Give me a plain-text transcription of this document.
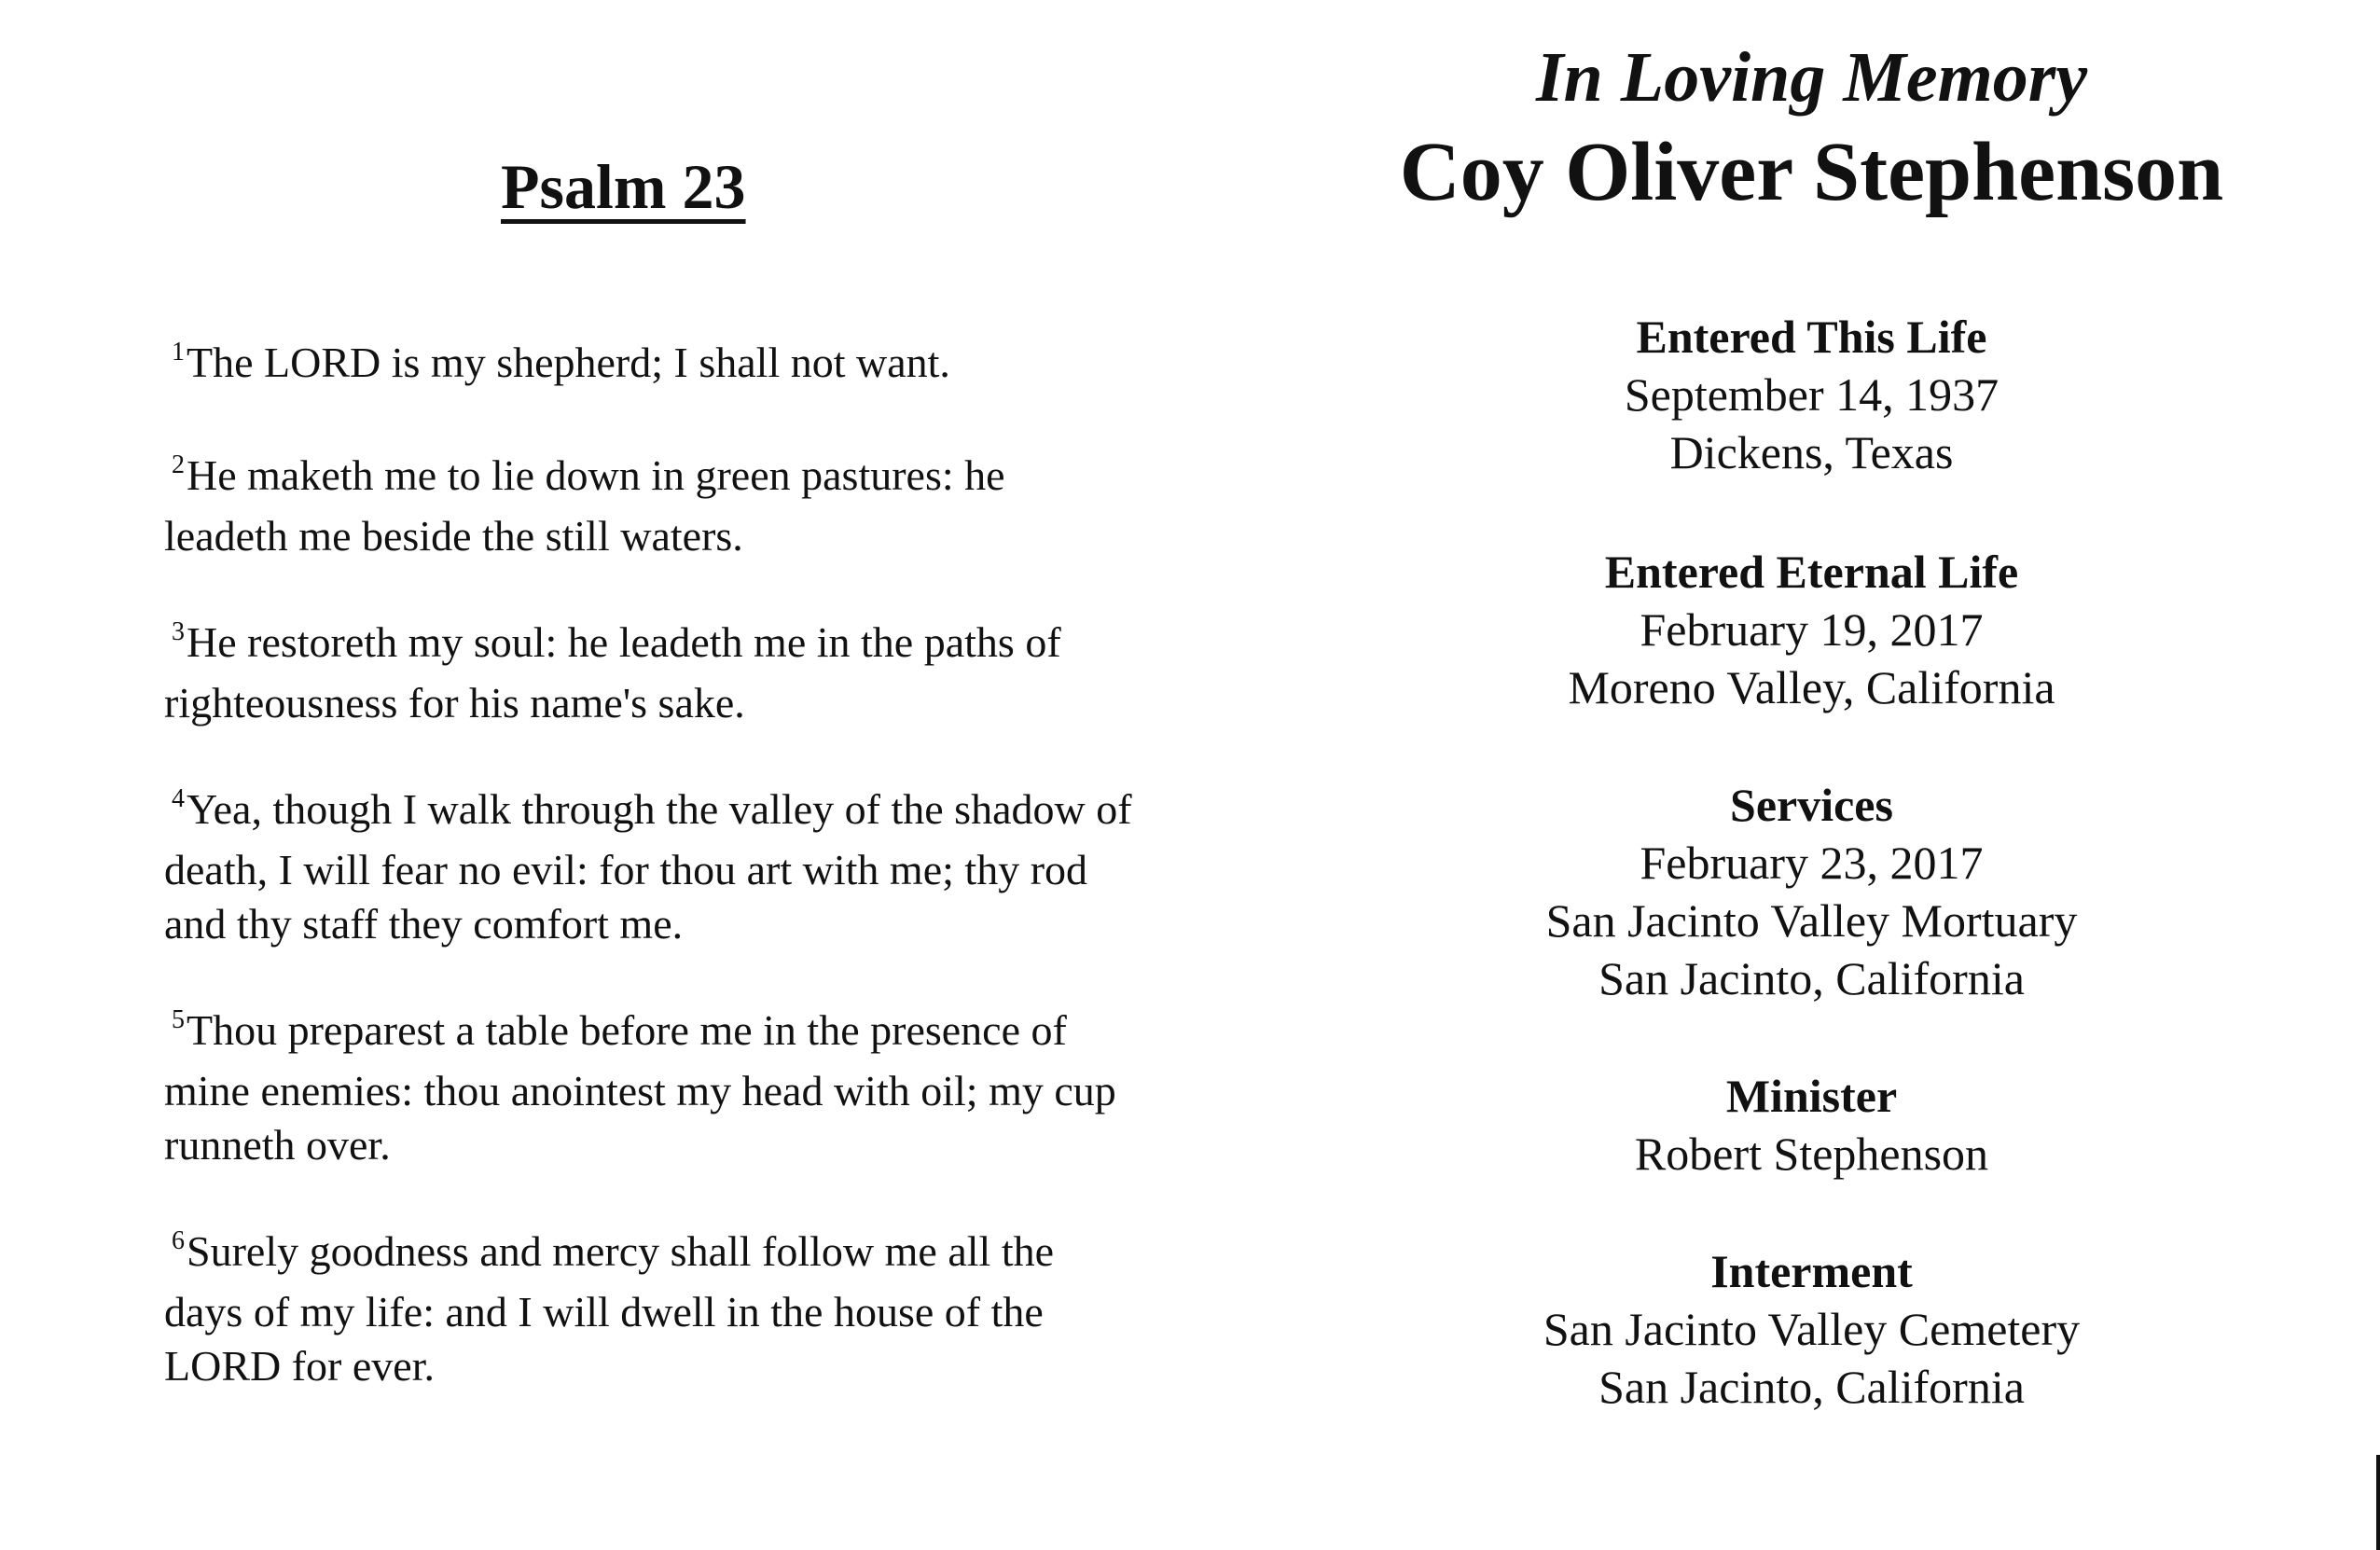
Psalm 23

$^1$The LORD is my shepherd; I shall not want.

$^2$He maketh me to lie down in green pastures: he leadeth me beside the still waters.

$^3$He restoreth my soul: he leadeth me in the paths of righteousness for his name's sake.

$^4$Yea, though I walk through the valley of the shadow of death, I will fear no evil: for thou art with me; thy rod and thy staff they comfort me.

$^5$Thou preparest a table before me in the presence of mine enemies: thou anointest my head with oil; my cup runneth over.

$^6$Surely goodness and mercy shall follow me all the days of my life: and I will dwell in the house of the LORD for ever.

In Loving Memory
Coy Oliver Stephenson
Entered This Life
September 14, 1937
Dickens, Texas
Entered Eternal Life
February 19, 2017
Moreno Valley, California
Services
February 23, 2017
San Jacinto Valley Mortuary
San Jacinto, California
Minister
Robert Stephenson
Interment
San Jacinto Valley Cemetery
San Jacinto, California
